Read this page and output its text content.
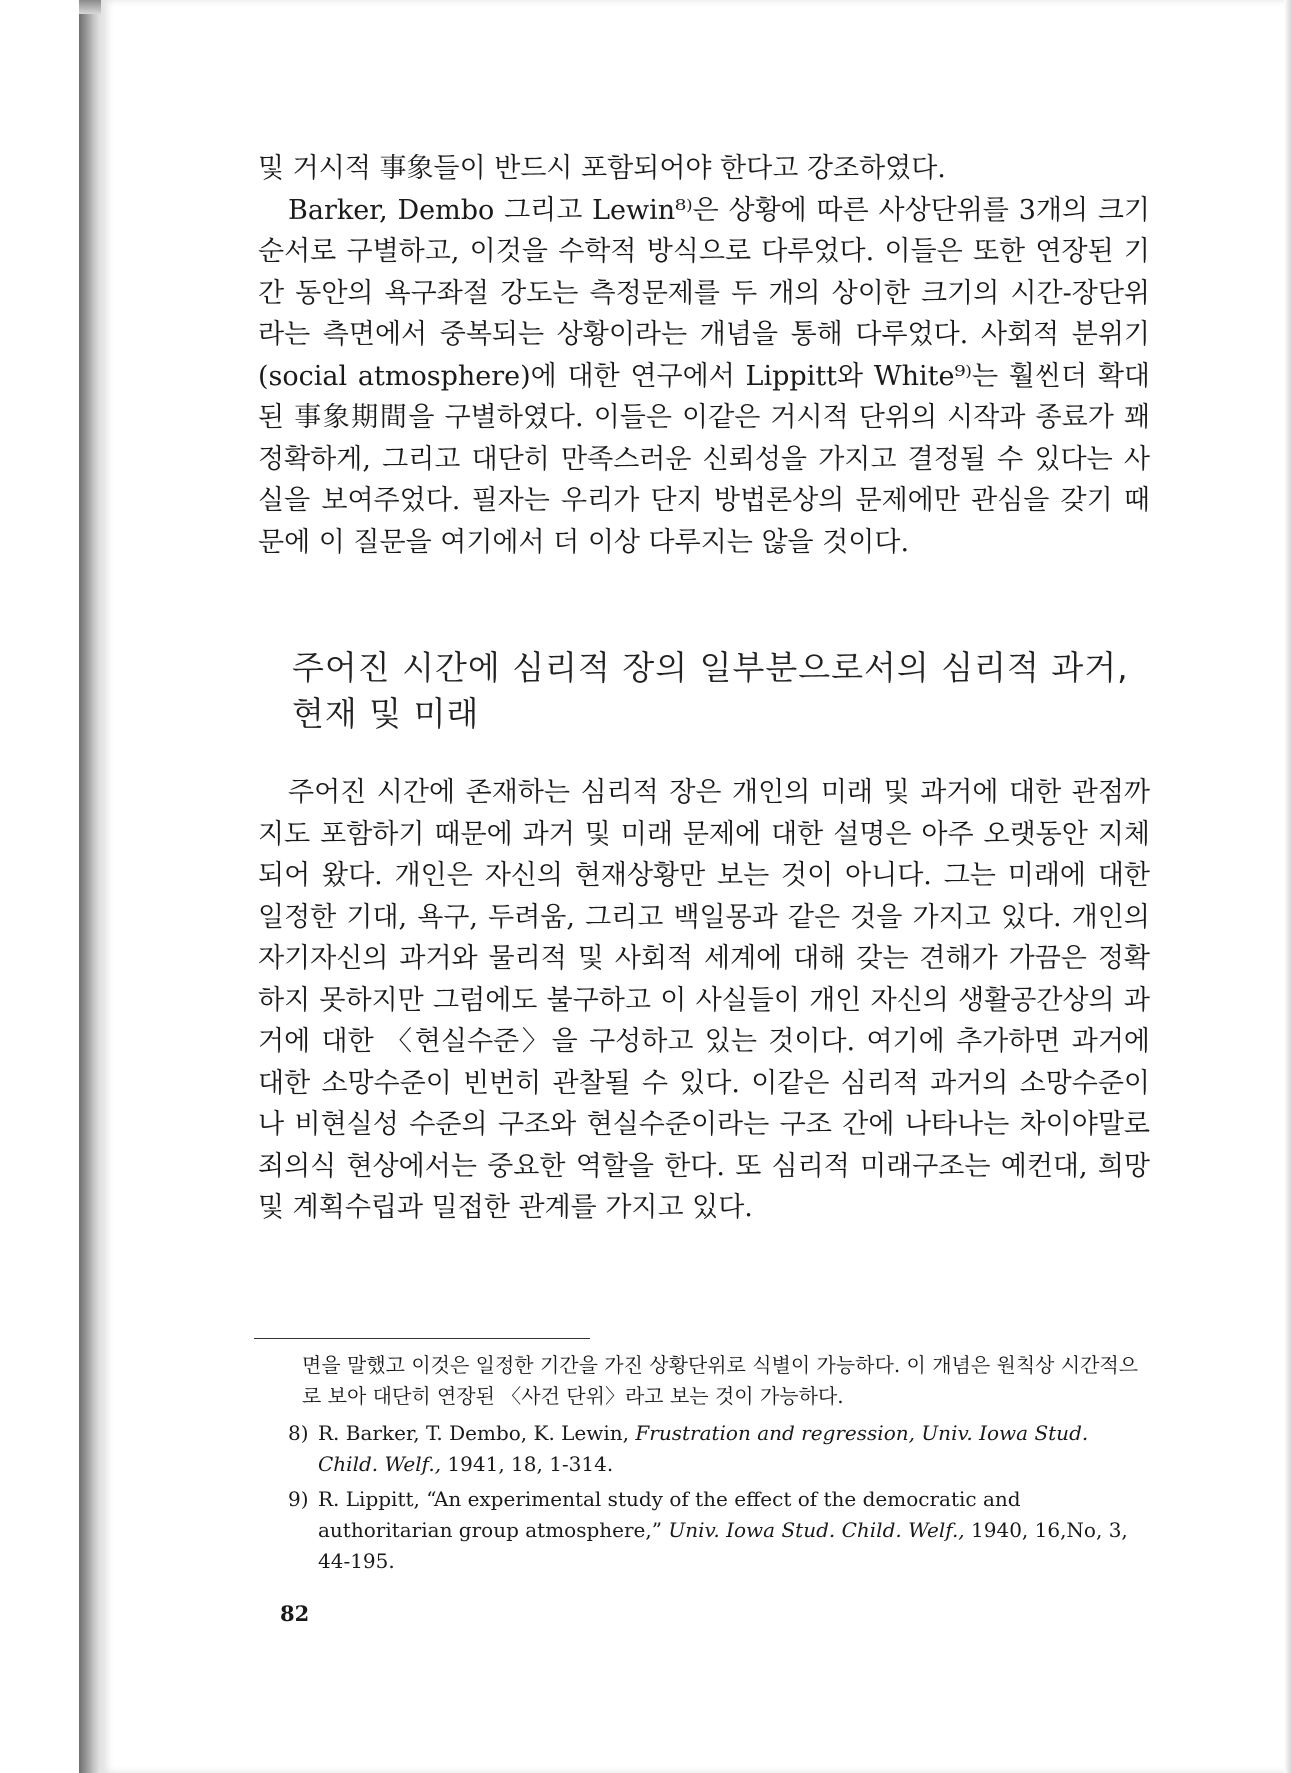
및 거시적 事象들이 반드시 포함되어야 한다고 강조하였다.

Barker, Dembo 그리고 Lewin⁸⁾은 상황에 따른 사상단위를 3개의 크기순서로 구별하고, 이것을 수학적 방식으로 다루었다. 이들은 또한 연장된 기간 동안의 욕구좌절 강도는 측정문제를 두 개의 상이한 크기의 시간-장단위라는 측면에서 중복되는 상황이라는 개념을 통해 다루었다. 사회적 분위기(social atmosphere)에 대한 연구에서 Lippitt와 White⁹⁾는 훨씬더 확대된 事象期間을 구별하였다. 이들은 이같은 거시적 단위의 시작과 종료가 꽤 정확하게, 그리고 대단히 만족스러운 신뢰성을 가지고 결정될 수 있다는 사실을 보여주었다. 필자는 우리가 단지 방법론상의 문제에만 관심을 갖기 때문에 이 질문을 여기에서 더 이상 다루지는 않을 것이다.

주어진 시간에 심리적 장의 일부분으로서의 심리적 과거, 현재 및 미래

주어진 시간에 존재하는 심리적 장은 개인의 미래 및 과거에 대한 관점까지도 포함하기 때문에 과거 및 미래 문제에 대한 설명은 아주 오랫동안 지체되어 왔다. 개인은 자신의 현재상황만 보는 것이 아니다. 그는 미래에 대한 일정한 기대, 욕구, 두려움, 그리고 백일몽과 같은 것을 가지고 있다. 개인의 자기자신의 과거와 물리적 및 사회적 세계에 대해 갖는 견해가 가끔은 정확하지 못하지만 그럼에도 불구하고 이 사실들이 개인 자신의 생활공간상의 과거에 대한 〈현실수준〉을 구성하고 있는 것이다. 여기에 추가하면 과거에 대한 소망수준이 빈번히 관찰될 수 있다. 이같은 심리적 과거의 소망수준이나 비현실성 수준의 구조와 현실수준이라는 구조 간에 나타나는 차이야말로 죄의식 현상에서는 중요한 역할을 한다. 또 심리적 미래구조는 예컨대, 희망 및 계획수립과 밀접한 관계를 가지고 있다.

면을 말했고 이것은 일정한 기간을 가진 상황단위로 식별이 가능하다. 이 개념은 원칙상 시간적으로 보아 대단히 연장된 〈사건 단위〉라고 보는 것이 가능하다.

8) R. Barker, T. Dembo, K. Lewin, Frustration and regression, Univ. Iowa Stud. Child. Welf., 1941, 18, 1-314.
9) R. Lippitt, “An experimental study of the effect of the democratic and authoritarian group atmosphere,” Univ. Iowa Stud. Child. Welf., 1940, 16,No, 3, 44-195.
82
